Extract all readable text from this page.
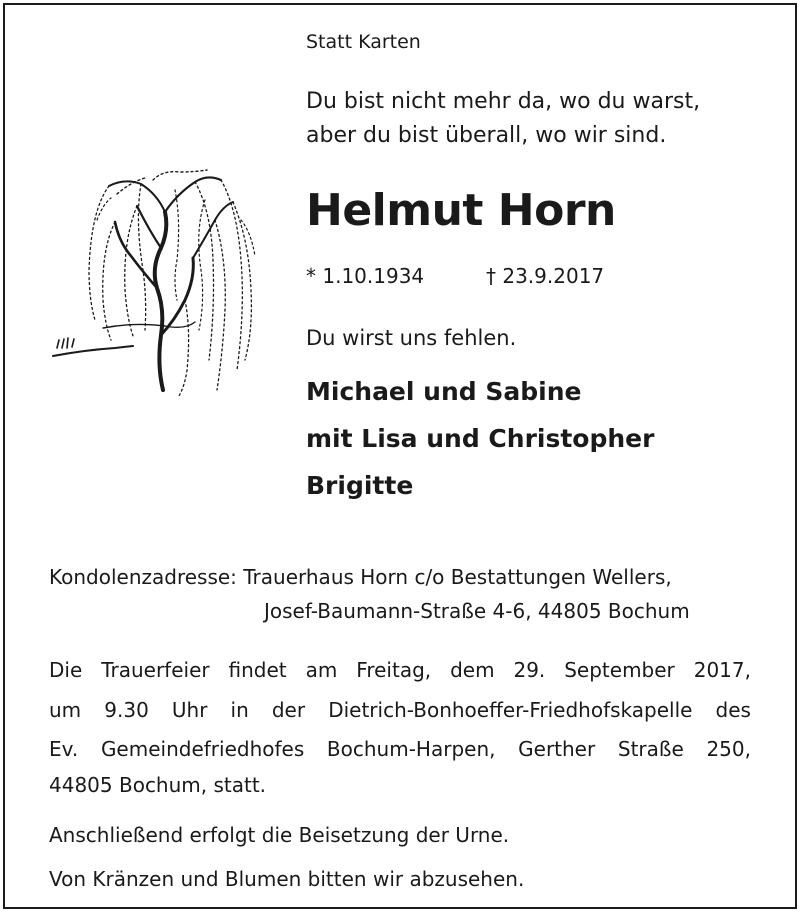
Statt Karten

Du bist nicht mehr da, wo du warst,

aber du bist überall, wo wir sind.

Helmut Horn

* 1.10.1934	† 23.9.2017

Du wirst uns fehlen.

Michael und Sabine

mit Lisa und Christopher

Brigitte

Kondolenzadresse: Trauerhaus Horn c/o Bestattungen Wellers,

Josef-Baumann-Straße 4-6, 44805 Bochum

Die Trauerfeier findet am Freitag, dem 29. September 2017,
um 9.30 Uhr in der Dietrich-Bonhoeffer-Friedhofskapelle des
Ev. Gemeindefriedhofes Bochum-Harpen, Gerther Straße 250,

44805 Bochum, statt.

Anschließend erfolgt die Beisetzung der Urne.

Von Kränzen und Blumen bitten wir abzusehen.
